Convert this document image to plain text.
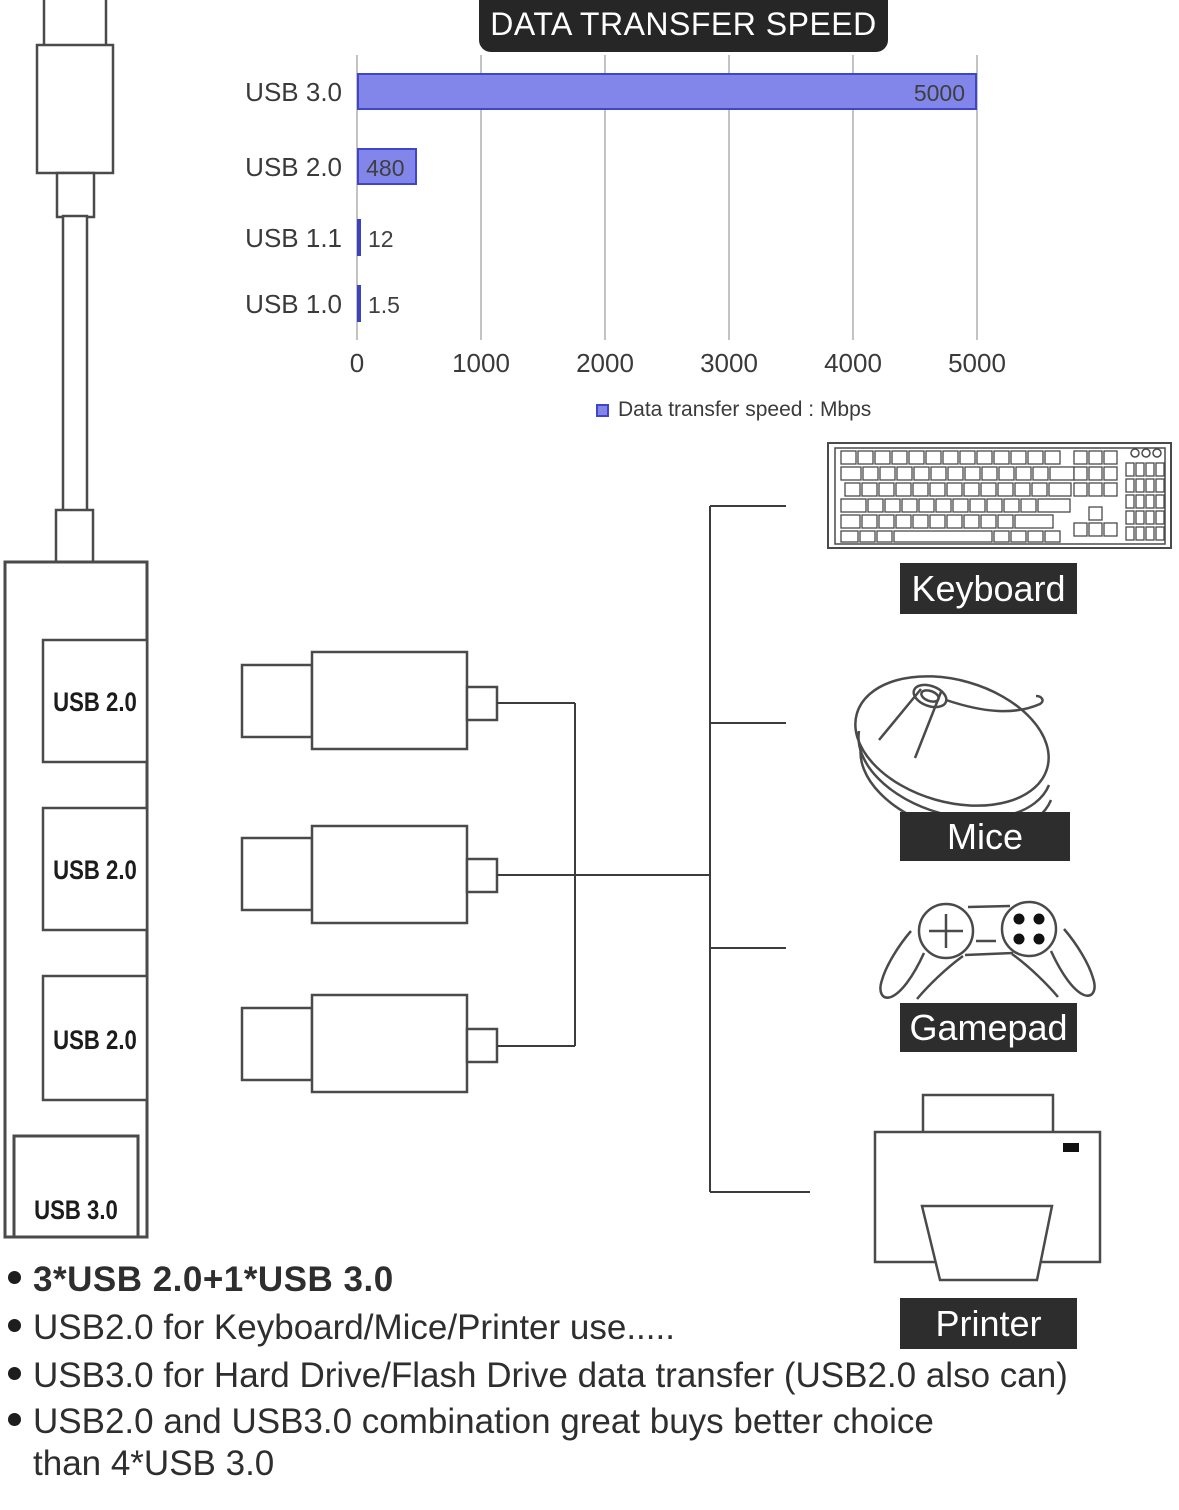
DATA TRANSFER SPEED
0	1000	2000	3000	4000	5000
USB 3.0	5000
USB 2.0	480
USB 1.1 12
USB 1.0 1.5
Data transfer speed : Mbps
USB 2.0
USB 2.0
USB 2.0
USB 3.0
Keyboard
Mice
Gamepad
Printer
3*USB 2.0+1*USB 3.0
USB2.0 for Keyboard/Mice/Printer use.....
USB3.0 for Hard Drive/Flash Drive data transfer (USB2.0 also can)
USB2.0 and USB3.0 combination great buys better choice
than 4*USB 3.0
